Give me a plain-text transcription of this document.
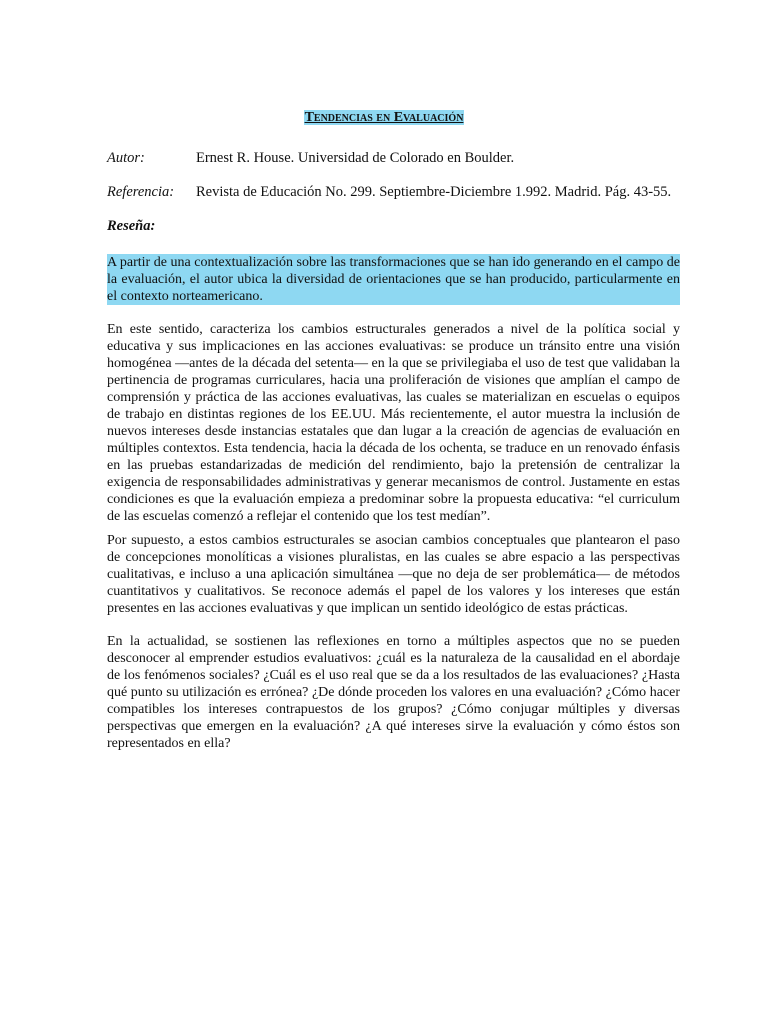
Tendencias en Evaluación
Autor:	Ernest R. House. Universidad de Colorado en Boulder.
Referencia: Revista de Educación No. 299. Septiembre-Diciembre 1.992. Madrid. Pág. 43-55.
Reseña:

A partir de una contextualización sobre las transformaciones que se han ido generando en el campo de la evaluación, el autor ubica la diversidad de orientaciones que se han producido, particularmente en el contexto norteamericano.

En este sentido, caracteriza los cambios estructurales generados a nivel de la política social y educativa y sus implicaciones en las acciones evaluativas: se produce un tránsito entre una visión homogénea —antes de la década del setenta— en la que se privilegiaba el uso de test que validaban la pertinencia de programas curriculares, hacia una proliferación de visiones que amplían el campo de comprensión y práctica de las acciones evaluativas, las cuales se materializan en escuelas o equipos de trabajo en distintas regiones de los EE.UU. Más recientemente, el autor muestra la inclusión de nuevos intereses desde instancias estatales que dan lugar a la creación de agencias de evaluación en múltiples contextos. Esta tendencia, hacia la década de los ochenta, se traduce en un renovado énfasis en las pruebas estandarizadas de medición del rendimiento, bajo la pretensión de centralizar la exigencia de responsabilidades administrativas y generar mecanismos de control. Justamente en estas condiciones es que la evaluación empieza a predominar sobre la propuesta educativa: “el curriculum de las escuelas comenzó a reflejar el contenido que los test medían”.

Por supuesto, a estos cambios estructurales se asocian cambios conceptuales que plantearon el paso de concepciones monolíticas a visiones pluralistas, en las cuales se abre espacio a las perspectivas cualitativas, e incluso a una aplicación simultánea —que no deja de ser problemática— de métodos cuantitativos y cualitativos. Se reconoce además el papel de los valores y los intereses que están presentes en las acciones evaluativas y que implican un sentido ideológico de estas prácticas.

En la actualidad, se sostienen las reflexiones en torno a múltiples aspectos que no se pueden desconocer al emprender estudios evaluativos: ¿cuál es la naturaleza de la causalidad en el abordaje de los fenómenos sociales? ¿Cuál es el uso real que se da a los resultados de las evaluaciones? ¿Hasta qué punto su utilización es errónea? ¿De dónde proceden los valores en una evaluación? ¿Cómo hacer compatibles los intereses contrapuestos de los grupos? ¿Cómo conjugar múltiples y diversas perspectivas que emergen en la evaluación? ¿A qué intereses sirve la evaluación y cómo éstos son representados en ella?
